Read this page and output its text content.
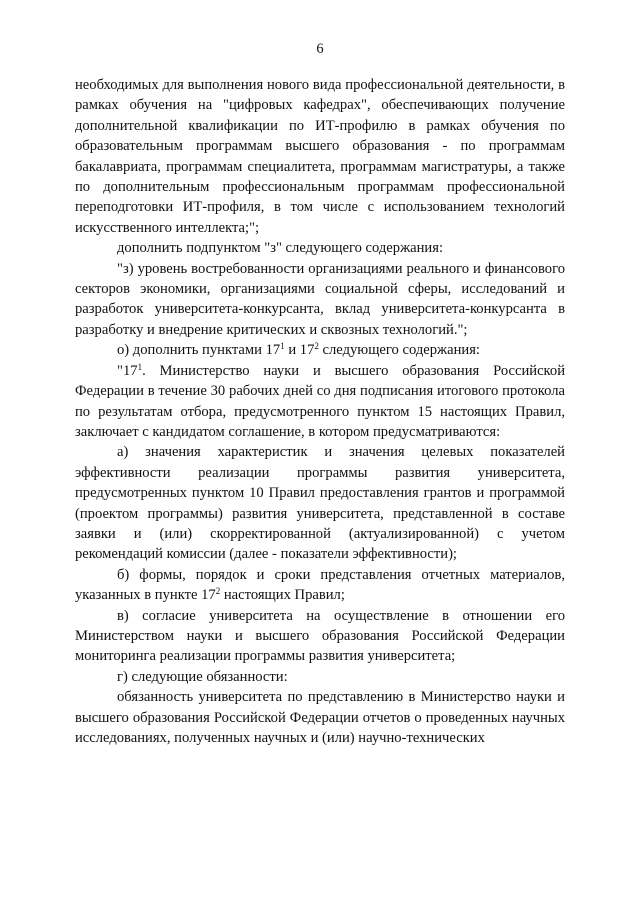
6

необходимых для выполнения нового вида профессиональной деятельности, в рамках обучения на "цифровых кафедрах", обеспечивающих получение дополнительной квалификации по ИТ-профилю в рамках обучения по образовательным программам высшего образования - по программам бакалавриата, программам специалитета, программам магистратуры, а также по дополнительным профессиональным программам профессиональной переподготовки ИТ-профиля, в том числе с использованием технологий искусственного интеллекта;";

дополнить подпунктом "з" следующего содержания:

"з) уровень востребованности организациями реального и финансового секторов экономики, организациями социальной сферы, исследований и разработок университета-конкурсанта, вклад университета-конкурсанта в разработку и внедрение критических и сквозных технологий.";

о) дополнить пунктами $17^1$ и $17^2$ следующего содержания:

"$17^1$. Министерство науки и высшего образования Российской Федерации в течение 30 рабочих дней со дня подписания итогового протокола по результатам отбора, предусмотренного пунктом 15 настоящих Правил, заключает с кандидатом соглашение, в котором предусматриваются:

а) значения характеристик и значения целевых показателей эффективности реализации программы развития университета, предусмотренных пунктом 10 Правил предоставления грантов и программой (проектом программы) развития университета, представленной в составе заявки и (или) скорректированной (актуализированной) с учетом рекомендаций комиссии (далее - показатели эффективности);

б) формы, порядок и сроки представления отчетных материалов, указанных в пункте $17^2$ настоящих Правил;

в) согласие университета на осуществление в отношении его Министерством науки и высшего образования Российской Федерации мониторинга реализации программы развития университета;

г) следующие обязанности:

обязанность университета по представлению в Министерство науки и высшего образования Российской Федерации отчетов о проведенных научных исследованиях, полученных научных и (или) научно-технических
